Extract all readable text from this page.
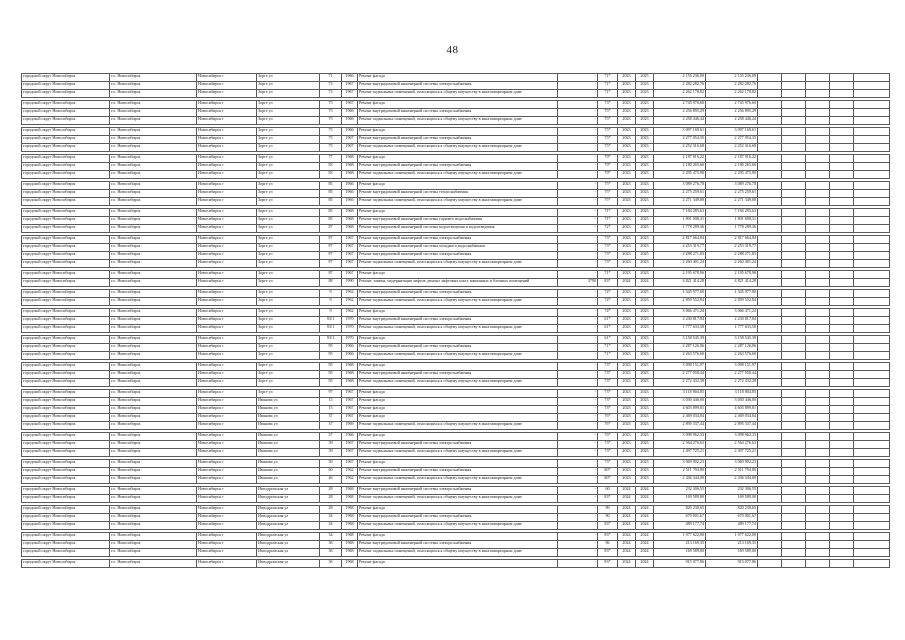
48
городской округ Новосибирск	г.о. Новосибирск	Новосибирск г	Зорге ул	71	1966	Ремонт фасада	-	71*	2023	2025	2 155 236,09	2 155 236,09					
городской округ Новосибирск	г.о. Новосибирск	Новосибирск г	Зорге ул	73	1967	Ремонт внутридомовой инженерной системы электроснабжения	-	71*	2023	2023	2 282 282,76	2 282 282,76					
городской округ Новосибирск	г.о. Новосибирск	Новосибирск г	Зорге ул	73	1967	Ремонт подвальных помещений, относящихся к общему имуществу в многоквартирном доме	-	71*	2023	2023	2 262 178,82	2 262 178,82					

городской округ Новосибирск	г.о. Новосибирск	Новосибирск г	Зорге ул	75	1967	Ремонт фасада	-	73*	2023	2023	2 745 976,60	2 745 976,60					
городской округ Новосибирск	г.о. Новосибирск	Новосибирск г	Зорге ул	75	1966	Ремонт внутридомовой инженерной системы электроснабжения	-	75*	2023	2023	2 256 895,29	2 256 895,29					
городской округ Новосибирск	г.о. Новосибирск	Новосибирск г	Зорге ул	75	1966	Ремонт подвальных помещений, относящихся к общему имуществу в многоквартирном доме	-	75*	2023	2023	2 258 446,44	2 258 446,44					

городской округ Новосибирск	г.о. Новосибирск	Новосибирск г	Зорге ул	75	1966	Ремонт фасада	-	75*	2023	2023	3 097 169,61	3 097 169,61					
городской округ Новосибирск	г.о. Новосибирск	Новосибирск г	Зорге ул	75	1967	Ремонт внутридомовой инженерной системы электроснабжения	-	75*	2023	2023	2 277 054,35	2 277 054,35					
городской округ Новосибирск	г.о. Новосибирск	Новосибирск г	Зорге ул	75	1967	Ремонт подвальных помещений, относящихся к общему имуществу в многоквартирном доме	-	75*	2023	2023	2 252 316,68	2 252 316,68					

городской округ Новосибирск	г.о. Новосибирск	Новосибирск г	Зорге ул	77	1968	Ремонт фасада	-	79*	2023	2023	2 187 916,22	2 187 916,22					
городской округ Новосибирск	г.о. Новосибирск	Новосибирск г	Зорге ул	83	1968	Ремонт внутридомовой инженерной системы электроснабжения	-	79*	2023	2023	2 180 265,66	2 180 265,66					
городской округ Новосибирск	г.о. Новосибирск	Новосибирск г	Зорге ул	83	1968	Ремонт подвальных помещений, относящихся к общему имуществу в многоквартирном доме	-	79*	2023	2023	2 295 475,90	2 295 475,90					

городской округ Новосибирск	г.о. Новосибирск	Новосибирск г	Зорге ул	85	1966	Ремонт фасада	-	75*	2023	2023	3 089 276,78	3 089 276,78					
городской округ Новосибирск	г.о. Новосибирск	Новосибирск г	Зорге ул	85	1966	Ремонт внутридомовой инженерной системы теплоснабжения	-	75*	2023	2023	2 275 259,61	2 275 259,61					
городской округ Новосибирск	г.о. Новосибирск	Новосибирск г	Зорге ул	85	1966	Ремонт подвальных помещений, относящихся к общему имуществу в многоквартирном доме	-	75*	2023	2023	2 271 349,08	2 271 349,08					

городской округ Новосибирск	г.о. Новосибирск	Новосибирск г	Зорге ул	85	1968	Ремонт фасада	-	71*	2023	2023	7 184 285,63	7 184 285,63					
городской округ Новосибирск	г.о. Новосибирск	Новосибирск г	Зорге ул	85	1968	Ремонт внутридомовой инженерной системы горячего водоснабжения	-	71*	2023	2025	1 801 698,31	1 801 698,31					
городской округ Новосибирск	г.о. Новосибирск	Новосибирск г	Зорге ул	87	1968	Ремонт внутридомовой инженерной системы водоотведения и водоотведения	-	72*	2023	2025	1 778 289,36	1 778 289,36					

городской округ Новосибирск	г.о. Новосибирск	Новосибирск г	Зорге ул	87	1967	Ремонт внутридомовой инженерной системы электроснабжения	-	73*	2023	2023	2 817 664,84	2 817 664,84					
городской округ Новосибирск	г.о. Новосибирск	Новосибирск г	Зорге ул	87	1967	Ремонт внутридомовой инженерной системы холодного водоснабжения	-	73*	2023	2023	2 253 319,77	2 253 319,77					
городской округ Новосибирск	г.о. Новосибирск	Новосибирск г	Зорге ул	87	1967	Ремонт внутридомовой инженерной системы электроснабжения	-	73*	2023	2025	2 288 271,83	2 288 271,83					
городской округ Новосибирск	г.о. Новосибирск	Новосибирск г	Зорге ул	87	1967	Ремонт подвальных помещений, относящихся к общему имуществу в многоквартирном доме	-	73*	2023	2023	2 260 401,24	2 260 401,24					

городской округ Новосибирск	г.о. Новосибирск	Новосибирск г	Зорге ул	87	1967	Ремонт фасада	-	71*	2023	2023	2 195 678,96	2 195 678,96					
городской округ Новосибирск	г.о. Новосибирск	Новосибирск г	Зорге ул	88	1990	Ремонт, замена, модернизация лифтов, ремонт лифтовых шахт, машинных и блочных помещений	3790	83*	2024	2024	4 821 414,28	4 821 414,28					

городской округ Новосибирск	г.о. Новосибирск	Новосибирск г	Зорге ул	9	1962	Ремонт внутридомовой инженерной системы электроснабжения	-	74*	2023	2025	1 345 977,00	1 345 977,00					
городской округ Новосибирск	г.о. Новосибирск	Новосибирск г	Зорге ул	9	1962	Ремонт подвальных помещений, относящихся к общему имуществу в многоквартирном доме	-	74*	2023	2023	2 859 552,84	2 859 552,84					

городской округ Новосибирск	г.о. Новосибирск	Новосибирск г	Зорге ул	9	1962	Ремонт фасада	-	74*	2023	2023	3 066 471,24	3 066 471,24					
городской округ Новосибирск	г.о. Новосибирск	Новосибирск г	Зорге ул	93/1	1970	Ремонт внутридомовой инженерной системы электроснабжения	-	61*	2023	2023	2 230 817,84	2 230 817,84					
городской округ Новосибирск	г.о. Новосибирск	Новосибирск г	Зорге ул	93/1	1970	Ремонт подвальных помещений, относящихся к общему имуществу в многоквартирном доме	-	61*	2023	2023	1 777 633,58	1 777 633,58					

городской округ Новосибирск	г.о. Новосибирск	Новосибирск г	Зорге ул	93/1	1970	Ремонт фасада	-	61*	2023	2023	3 158 545,39	3 158 545,39					
городской округ Новосибирск	г.о. Новосибирск	Новосибирск г	Зорге ул	95	1966	Ремонт внутридомовой инженерной системы электроснабжения	-	71*	2023	2023	2 287 126,06	2 287 126,06					
городской округ Новосибирск	г.о. Новосибирск	Новосибирск г	Зорге ул	95	1966	Ремонт подвальных помещений, относящихся к общему имуществу в многоквартирном доме	-	71*	2023	2023	2 263 576,60	2 263 576,60					

городской округ Новосибирск	г.о. Новосибирск	Новосибирск г	Зорге ул	95	1968	Ремонт фасада	-	73*	2023	2023	3 098 151,97	3 098 151,97					
городской округ Новосибирск	г.о. Новосибирск	Новосибирск г	Зорге ул	95	1968	Ремонт внутридомовой инженерной системы электроснабжения	-	73*	2023	2023	2 277 058,44	2 277 058,44					
городской округ Новосибирск	г.о. Новосибирск	Новосибирск г	Зорге ул	95	1968	Ремонт подвальных помещений, относящихся к общему имуществу в многоквартирном доме	-	73*	2023	2023	2 272 432,38	2 272 432,38					

городской округ Новосибирск	г.о. Новосибирск	Новосибирск г	Зорге ул	97	1967	Ремонт фасада	-	73*	2023	2023	3 118 804,85	3 118 804,85					
городской округ Новосибирск	г.о. Новосибирск	Новосибирск г	Иванова ул	15	1967	Ремонт фасада	-	73*	2023	2023	3 030 446,00	3 030 446,00					
городской округ Новосибирск	г.о. Новосибирск	Новосибирск г	Иванова ул	15	1967	Ремонт фасада	-	73*	2023	2023	4 603 899,81	4 603 899,81					
городской округ Новосибирск	г.о. Новосибирск	Новосибирск г	Иванова ул	37	1967	Ремонт фасада	-	76*	2023	2023	2 469 034,84	2 469 034,84					
городской округ Новосибирск	г.о. Новосибирск	Новосибирск г	Иванова ул	37	1969	Ремонт подвальных помещений, относящихся к общему имуществу в многоквартирном доме	-	76*	2023	2023	2 895 337,44	2 895 337,44					

городской округ Новосибирск	г.о. Новосибирск	Новосибирск г	Иванова ул	37	1966	Ремонт фасада	-	76*	2023	2023	3 098 962,33	3 098 962,33					
городской округ Новосибирск	г.о. Новосибирск	Новосибирск г	Иванова ул	39	1967	Ремонт внутридомовой инженерной системы электроснабжения	-	73*	2023	2023	2 564 276,63	2 564 276,63					
городской округ Новосибирск	г.о. Новосибирск	Новосибирск г	Иванова ул	39	1967	Ремонт подвальных помещений, относящихся к общему имуществу в многоквартирном доме	-	73*	2023	2023	2 497 725,21	2 497 725,21					

городской округ Новосибирск	г.о. Новосибирск	Новосибирск г	Иванова ул	39	1967	Ремонт фасада	-	73*	2023	2023	3 069 902,23	3 069 902,23					
городской округ Новосибирск	г.о. Новосибирск	Новосибирск г	Иванова ул	60	1962	Ремонт внутридомовой инженерной системы электроснабжения	-	80*	2023	2023	2 511 794,80	2 511 794,80					
городской округ Новосибирск	г.о. Новосибирск	Новосибирск г	Иванова ул	46	1962	Ремонт подвальных помещений, относящихся к общему имуществу в многоквартирном доме	-	80*	2023	2023	2 436 344,00	2 436 344,00					

городской округ Новосибирск	г.о. Новосибирск	Новосибирск г	Ипподромская ул	28	1968	Ремонт внутридомовой инженерной системы электроснабжения	-	60	2024	2024	232 306,55	232 306,55					
городской округ Новосибирск	г.о. Новосибирск	Новосибирск г	Ипподромская ул	28	1968	Ремонт подвальных помещений, относящихся к общему имуществу в многоквартирном доме	-	83*	2024	2024	169 589,00	169 589,00					

городской округ Новосибирск	г.о. Новосибирск	Новосибирск г	Ипподромская ул	28	1968	Ремонт фасада	-	89	2024	2024	820 230,65	820 230,65					
городской округ Новосибирск	г.о. Новосибирск	Новосибирск г	Ипподромская ул	34	1968	Ремонт внутридомовой инженерной системы электроснабжения	-	90	2024	2024	670 001,67	670 001,67					
городской округ Новосибирск	г.о. Новосибирск	Новосибирск г	Ипподромская ул	34	1968	Ремонт подвальных помещений, относящихся к общему имуществу в многоквартирном доме	-	83*	2024	2024	489 177,74	489 177,74					

городской округ Новосибирск	г.о. Новосибирск	Новосибирск г	Ипподромская ул	34	1968	Ремонт фасада	-	83*	2024	2024	1 077 622,00	1 077 622,00					
городской округ Новосибирск	г.о. Новосибирск	Новосибирск г	Ипподромская ул	36	1968	Ремонт внутридомовой инженерной системы электроснабжения	-	86	2024	2024	213 169,35	213 169,35					
городской округ Новосибирск	г.о. Новосибирск	Новосибирск г	Ипподромская ул	36	1968	Ремонт подвальных помещений, относящихся к общему имуществу в многоквартирном доме	-	83*	2024	2024	169 589,00	169 589,00					

городской округ Новосибирск	г.о. Новосибирск	Новосибирск г	Ипподромская ул	36	1968	Ремонт фасада	-	83*	2024	2024	915 077,86	915 077,86					
